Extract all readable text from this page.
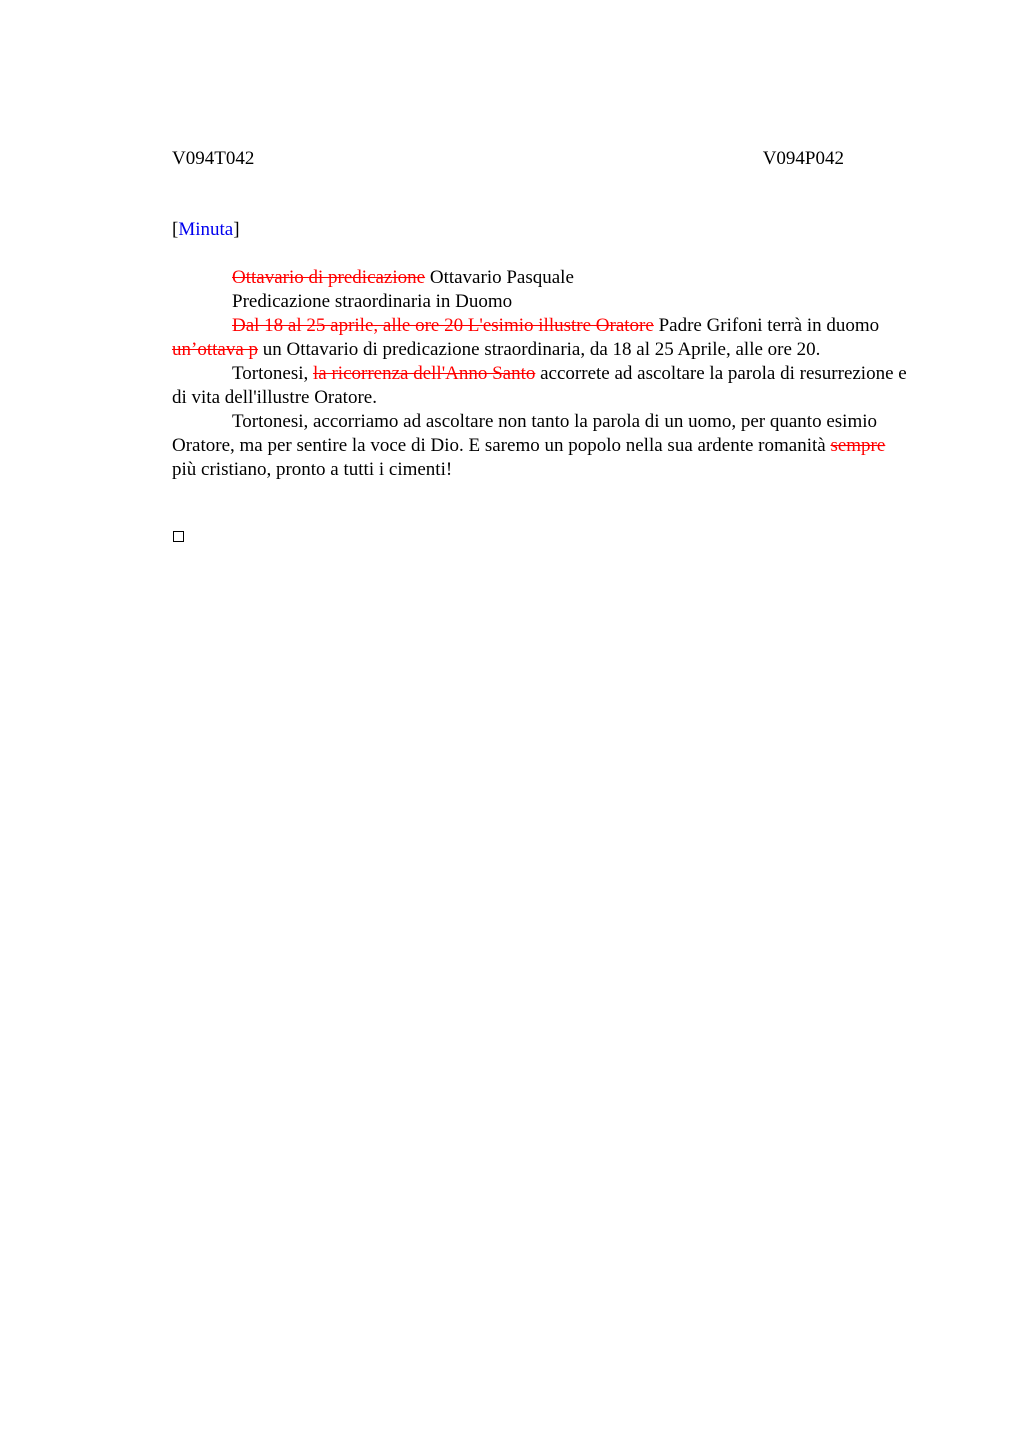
V094T042	V094P042
[Minuta]

Ottavario di predicazione Ottavario Pasquale

Predicazione straordinaria in Duomo

Dal 18 al 25 aprile, alle ore 20 L'esimio illustre Oratore Padre Grifoni terrà in duomo un’ottava p un Ottavario di predicazione straordinaria, da 18 al 25 Aprile, alle ore 20.

Tortonesi, la ricorrenza dell'Anno Santo accorrete ad ascoltare la parola di resurrezione e di vita dell'illustre Oratore.

Tortonesi, accorriamo ad ascoltare non tanto la parola di un uomo, per quanto esimio Oratore, ma per sentire la voce di Dio. E saremo un popolo nella sua ardente romanità sempre più cristiano, pronto a tutti i cimenti!
